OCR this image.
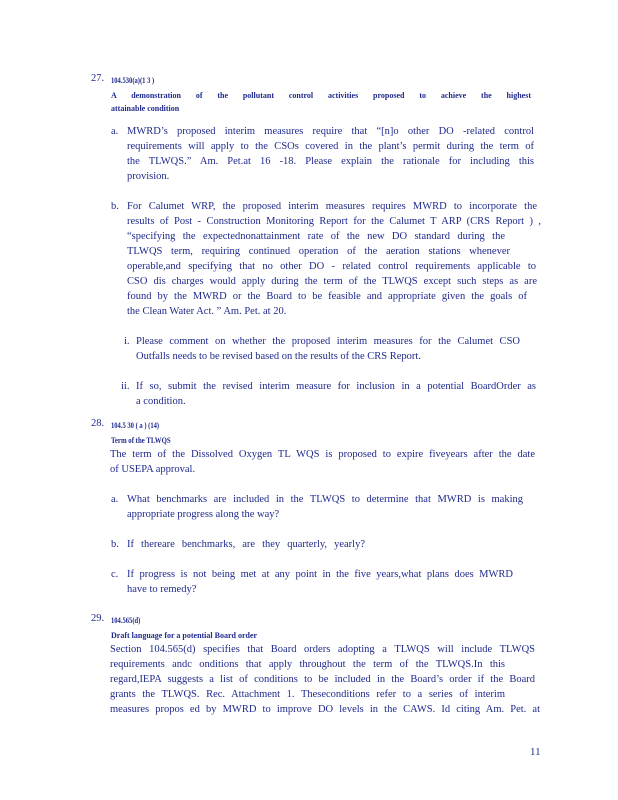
27. 104.530(a)(1 3 )
A demonstration of the pollutant control activities proposed to achieve the highest
attainable condition
a. MWRD’s proposed interim measures require that “[n]o other DO -related control
requirements will apply to the CSOs covered in the plant’s permit during the term of
the TLWQS.” Am. Pet.at 16 -18. Please explain the rationale for including this
provision.
b. For Calumet WRP, the proposed interim measures requires MWRD to incorporate the
results of Post - Construction Monitoring Report for the Calumet T ARP (CRS Report ) ,
“specifying the expectednonattainment rate of the new DO standard during the
TLWQS term, requiring continued operation of the aeration stations whenever
operable,and specifying that no other DO - related control requirements applicable to
CSO dis charges would apply during the term of the TLWQS except such steps as are
found by the MWRD or the Board to be feasible and appropriate given the goals of
the Clean Water Act. ” Am. Pet. at 20.
i. Please comment on whether the proposed interim measures for the Calumet CSO
Outfalls needs to be revised based on the results of the CRS Report.
ii. If so, submit the revised interim measure for inclusion in a potential BoardOrder as
a condition.
28. 104.5 30 ( a ) (14)
Term of the TLWQS
The term of the Dissolved Oxygen TL WQS is proposed to expire fiveyears after the date
of USEPA approval.
a. What benchmarks are included in the TLWQS to determine that MWRD is making
appropriate progress along the way?
b. If thereare benchmarks, are they quarterly, yearly?
c. If progress is not being met at any point in the five years,what plans does MWRD
have to remedy?
29. 104.565(d)
Draft language for a potential Board order
Section 104.565(d) specifies that Board orders adopting a TLWQS will include TLWQS
requirements andc onditions that apply throughout the term of the TLWQS.In this
regard,IEPA suggests a list of conditions to be included in the Board’s order if the Board
grants the TLWQS. Rec. Attachment 1. Theseconditions refer to a series of interim
measures propos ed by MWRD to improve DO levels in the CAWS. Id citing Am. Pet. at
11
